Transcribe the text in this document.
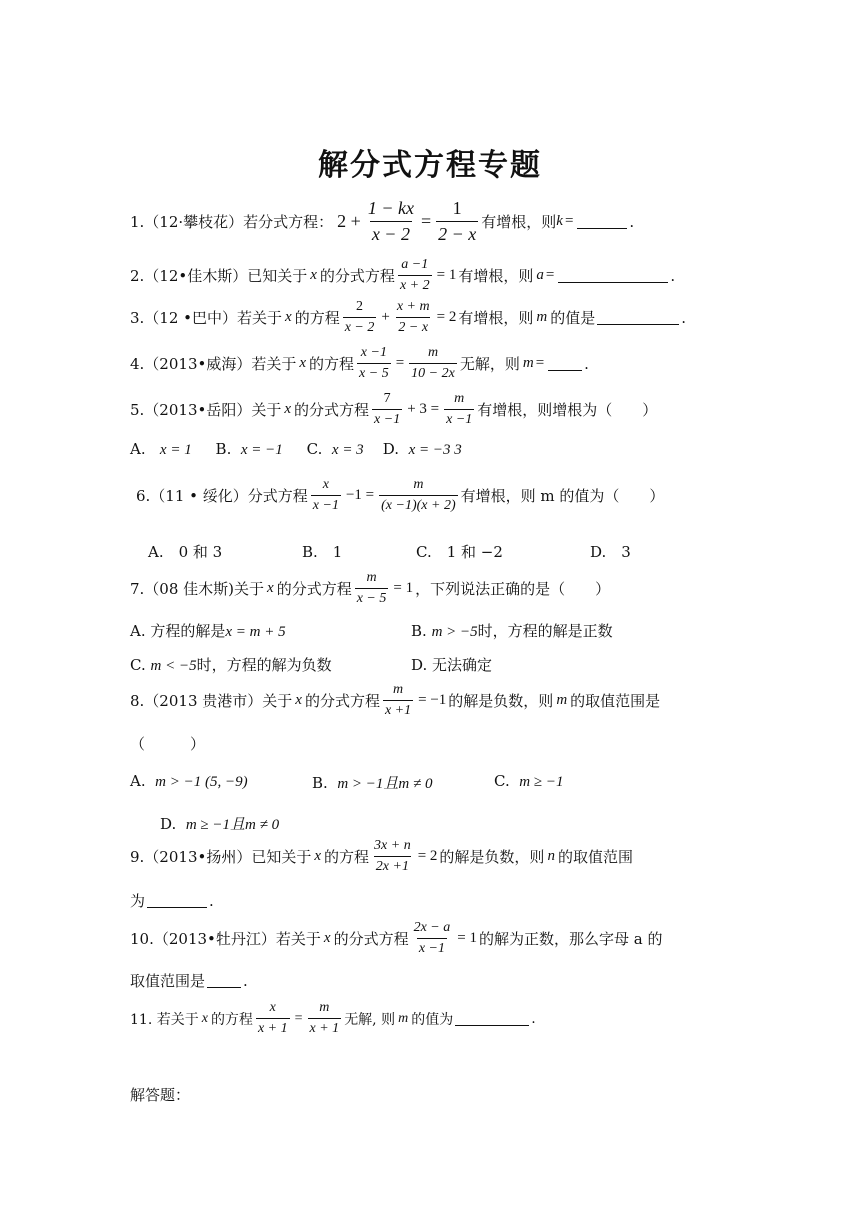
解分式方程专题
1.（12·攀枝花）若分式方程： $2 + \frac{1 - kx}{x - 2} = \frac{1}{2 - x}$ 有增根，则 k =	.
2.（12•佳木斯）已知关于 x 的分式方程 $\frac{a -1}{x + 2} = 1$ 有增根，则 a =	.
3.（12 •巴中）若关于 x 的方程 $\frac{2}{x - 2} + \frac{x + m}{2 - x} = 2$ 有增根，则 m 的值是	.
4.（2013•威海）若关于 x 的方程 $\frac{x -1}{x - 5} = \frac{m}{10 - 2x}$ 无解，则 m =	.
5.（2013•岳阳）关于 x 的分式方程 $\frac{7}{x -1} + 3 = \frac{m}{x -1}$ 有增根，则增根为（　　）
A. x = 1 B. x = −1 C. x = 3 D. x = −3 3
6.（11 • 绥化）分式方程 $\frac{x}{x -1} -1 = \frac{m}{(x -1)(x + 2)}$ 有增根，则 m 的值为（　　）
A.　0 和 3	B.　1	C.　1 和 −2	D.　3
7.（08 佳木斯)关于 x 的分式方程 $\frac{m}{x - 5} = 1$ ，下列说法正确的是（　　）
A. 方程的解是x = m + 5	B. m > −5时，方程的解是正数
C. m < −5时，方程的解为负数	D. 无法确定
8.（2013 贵港市）关于 x 的分式方程 $\frac{m}{x +1} = -1$ 的解是负数，则 m 的取值范围是
（　　　）
A. m > −1 (5, −9)	B. m > −1且m ≠ 0	C. m ≥ −1
D. m ≥ −1且m ≠ 0
9.（2013•扬州）已知关于 x 的方程 $\frac{3x + n}{2x +1} = 2$ 的解是负数，则 n 的取值范围
为	.
10.（2013•牡丹江）若关于 x 的分式方程 $\frac{2x - a}{x -1} = 1$ 的解为正数，那么字母 a 的
取值范围是	.
11. 若关于 x 的方程 $\frac{x}{x + 1} = \frac{m}{x + 1}$ 无解, 则 m 的值为	.
解答题：
